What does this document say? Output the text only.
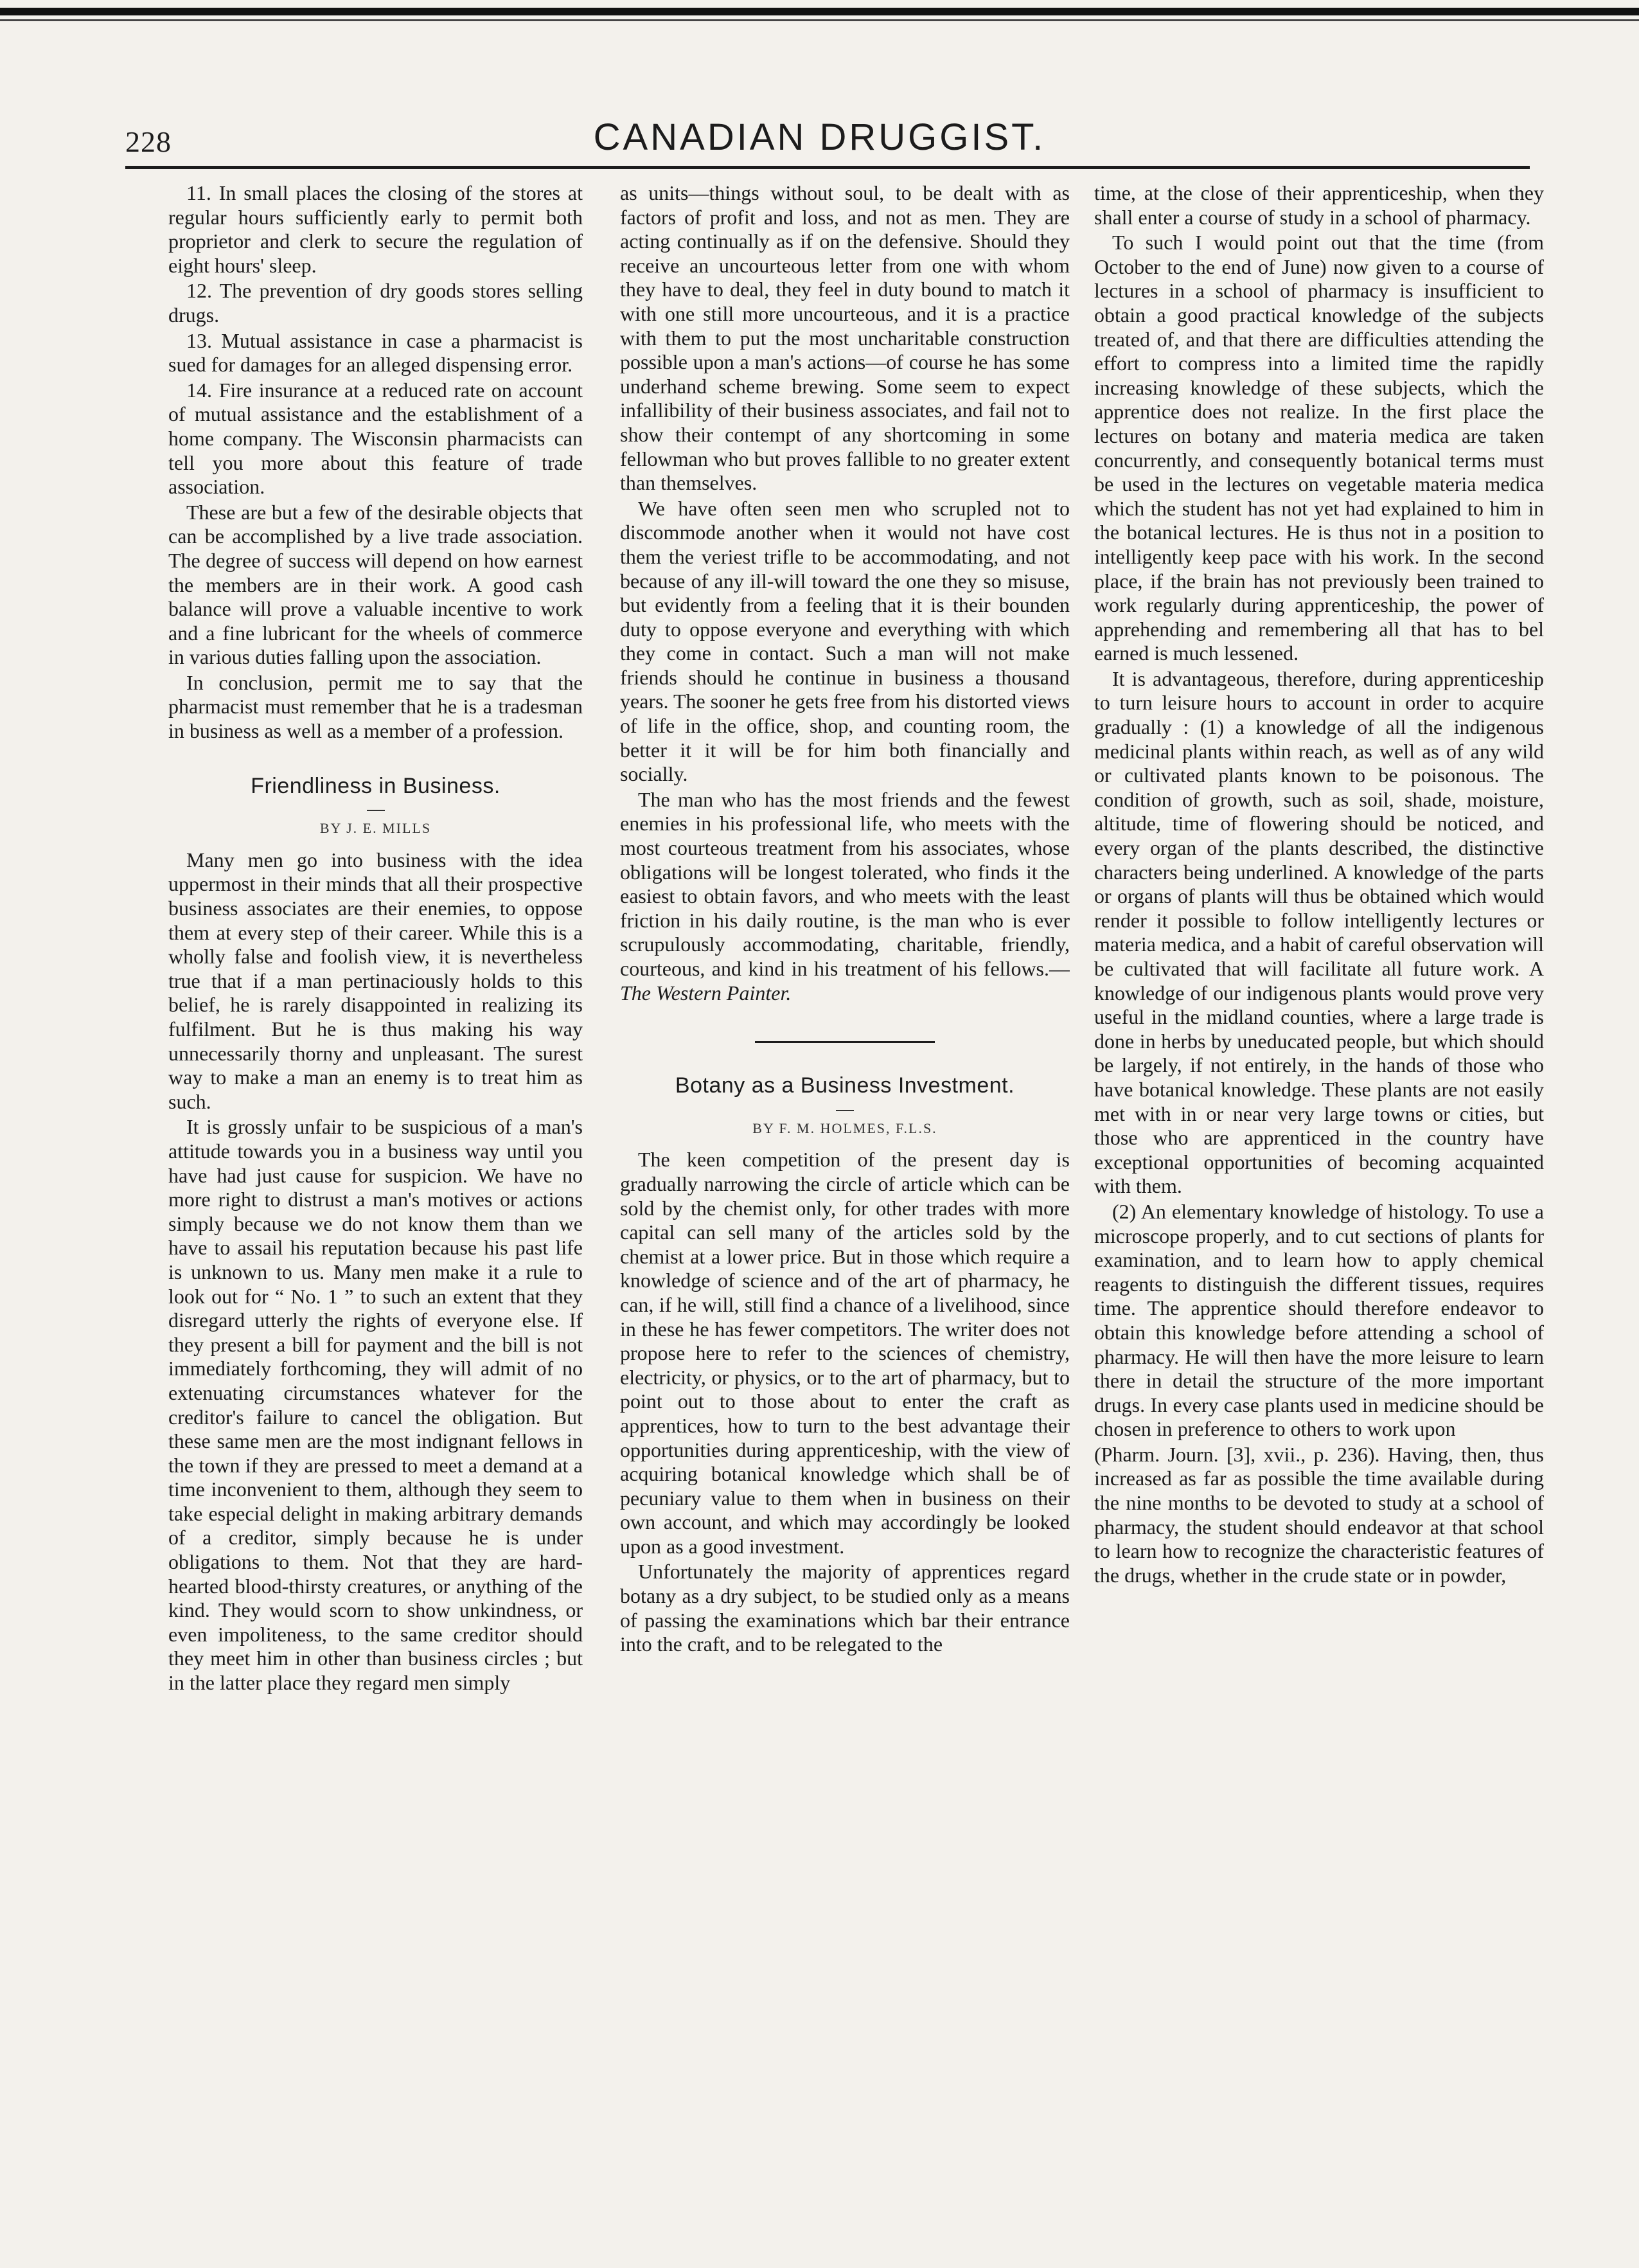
228	CANADIAN DRUGGIST.

11. In small places the closing of the stores at regular hours sufficiently early to permit both proprietor and clerk to secure the regulation of eight hours' sleep.

12. The prevention of dry goods stores selling drugs.

13. Mutual assistance in case a pharmacist is sued for damages for an alleged dispensing error.

14. Fire insurance at a reduced rate on account of mutual assistance and the establishment of a home company. The Wisconsin pharmacists can tell you more about this feature of trade association.

These are but a few of the desirable objects that can be accomplished by a live trade association. The degree of success will depend on how earnest the members are in their work. A good cash balance will prove a valuable incentive to work and a fine lubricant for the wheels of commerce in various duties falling upon the association.

In conclusion, permit me to say that the pharmacist must remember that he is a tradesman in business as well as a member of a profession.

Friendliness in Business.
BY J. E. MILLS

Many men go into business with the idea uppermost in their minds that all their prospective business associates are their enemies, to oppose them at every step of their career. While this is a wholly false and foolish view, it is nevertheless true that if a man pertinaciously holds to this belief, he is rarely disappointed in realizing its fulfilment. But he is thus making his way unnecessarily thorny and unpleasant. The surest way to make a man an enemy is to treat him as such.

It is grossly unfair to be suspicious of a man's attitude towards you in a business way until you have had just cause for suspicion. We have no more right to distrust a man's motives or actions simply because we do not know them than we have to assail his reputation because his past life is unknown to us. Many men make it a rule to look out for “ No. 1 ” to such an extent that they disregard utterly the rights of everyone else. If they present a bill for payment and the bill is not immediately forthcoming, they will admit of no extenuating circumstances whatever for the creditor's failure to cancel the obligation. But these same men are the most indignant fellows in the town if they are pressed to meet a demand at a time inconvenient to them, although they seem to take especial delight in making arbitrary demands of a creditor, simply because he is under obligations to them. Not that they are hard-hearted blood-thirsty creatures, or anything of the kind. They would scorn to show unkindness, or even impoliteness, to the same creditor should they meet him in other than business circles ; but in the latter place they regard men simply

as units—things without soul, to be dealt with as factors of profit and loss, and not as men. They are acting continually as if on the defensive. Should they receive an uncourteous letter from one with whom they have to deal, they feel in duty bound to match it with one still more uncourteous, and it is a practice with them to put the most uncharitable construction possible upon a man's actions—of course he has some underhand scheme brewing. Some seem to expect infallibility of their business associates, and fail not to show their contempt of any shortcoming in some fellowman who but proves fallible to no greater extent than themselves.

We have often seen men who scrupled not to discommode another when it would not have cost them the veriest trifle to be accommodating, and not because of any ill-will toward the one they so misuse, but evidently from a feeling that it is their bounden duty to oppose everyone and everything with which they come in contact. Such a man will not make friends should he continue in business a thousand years. The sooner he gets free from his distorted views of life in the office, shop, and counting room, the better it it will be for him both financially and socially.

The man who has the most friends and the fewest enemies in his professional life, who meets with the most courteous treatment from his associates, whose obligations will be longest tolerated, who finds it the easiest to obtain favors, and who meets with the least friction in his daily routine, is the man who is ever scrupulously accommodating, charitable, friendly, courteous, and kind in his treatment of his fellows.—The Western Painter.

Botany as a Business Investment.
BY F. M. HOLMES, F.L.S.

The keen competition of the present day is gradually narrowing the circle of article which can be sold by the chemist only, for other trades with more capital can sell many of the articles sold by the chemist at a lower price. But in those which require a knowledge of science and of the art of pharmacy, he can, if he will, still find a chance of a livelihood, since in these he has fewer competitors. The writer does not propose here to refer to the sciences of chemistry, electricity, or physics, or to the art of pharmacy, but to point out to those about to enter the craft as apprentices, how to turn to the best advantage their opportunities during apprenticeship, with the view of acquiring botanical knowledge which shall be of pecuniary value to them when in business on their own account, and which may accordingly be looked upon as a good investment.

Unfortunately the majority of apprentices regard botany as a dry subject, to be studied only as a means of passing the examinations which bar their entrance into the craft, and to be relegated to the

time, at the close of their apprenticeship, when they shall enter a course of study in a school of pharmacy.

To such I would point out that the time (from October to the end of June) now given to a course of lectures in a school of pharmacy is insufficient to obtain a good practical knowledge of the subjects treated of, and that there are difficulties attending the effort to compress into a limited time the rapidly increasing knowledge of these subjects, which the apprentice does not realize. In the first place the lectures on botany and materia medica are taken concurrently, and consequently botanical terms must be used in the lectures on vegetable materia medica which the student has not yet had explained to him in the botanical lectures. He is thus not in a position to intelligently keep pace with his work. In the second place, if the brain has not previously been trained to work regularly during apprenticeship, the power of apprehending and remembering all that has to bel earned is much lessened.

It is advantageous, therefore, during apprenticeship to turn leisure hours to account in order to acquire gradually : (1) a knowledge of all the indigenous medicinal plants within reach, as well as of any wild or cultivated plants known to be poisonous. The condition of growth, such as soil, shade, moisture, altitude, time of flowering should be noticed, and every organ of the plants described, the distinctive characters being underlined. A knowledge of the parts or organs of plants will thus be obtained which would render it possible to follow intelligently lectures or materia medica, and a habit of careful observation will be cultivated that will facilitate all future work. A knowledge of our indigenous plants would prove very useful in the midland counties, where a large trade is done in herbs by uneducated people, but which should be largely, if not entirely, in the hands of those who have botanical knowledge. These plants are not easily met with in or near very large towns or cities, but those who are apprenticed in the country have exceptional opportunities of becoming acquainted with them.

(2) An elementary knowledge of histology. To use a microscope properly, and to cut sections of plants for examination, and to learn how to apply chemical reagents to distinguish the different tissues, requires time. The apprentice should therefore endeavor to obtain this knowledge before attending a school of pharmacy. He will then have the more leisure to learn there in detail the structure of the more important drugs. In every case plants used in medicine should be chosen in preference to others to work upon

(Pharm. Journ. [3], xvii., p. 236). Having, then, thus increased as far as possible the time available during the nine months to be devoted to study at a school of pharmacy, the student should endeavor at that school to learn how to recognize the characteristic features of the drugs, whether in the crude state or in powder,
